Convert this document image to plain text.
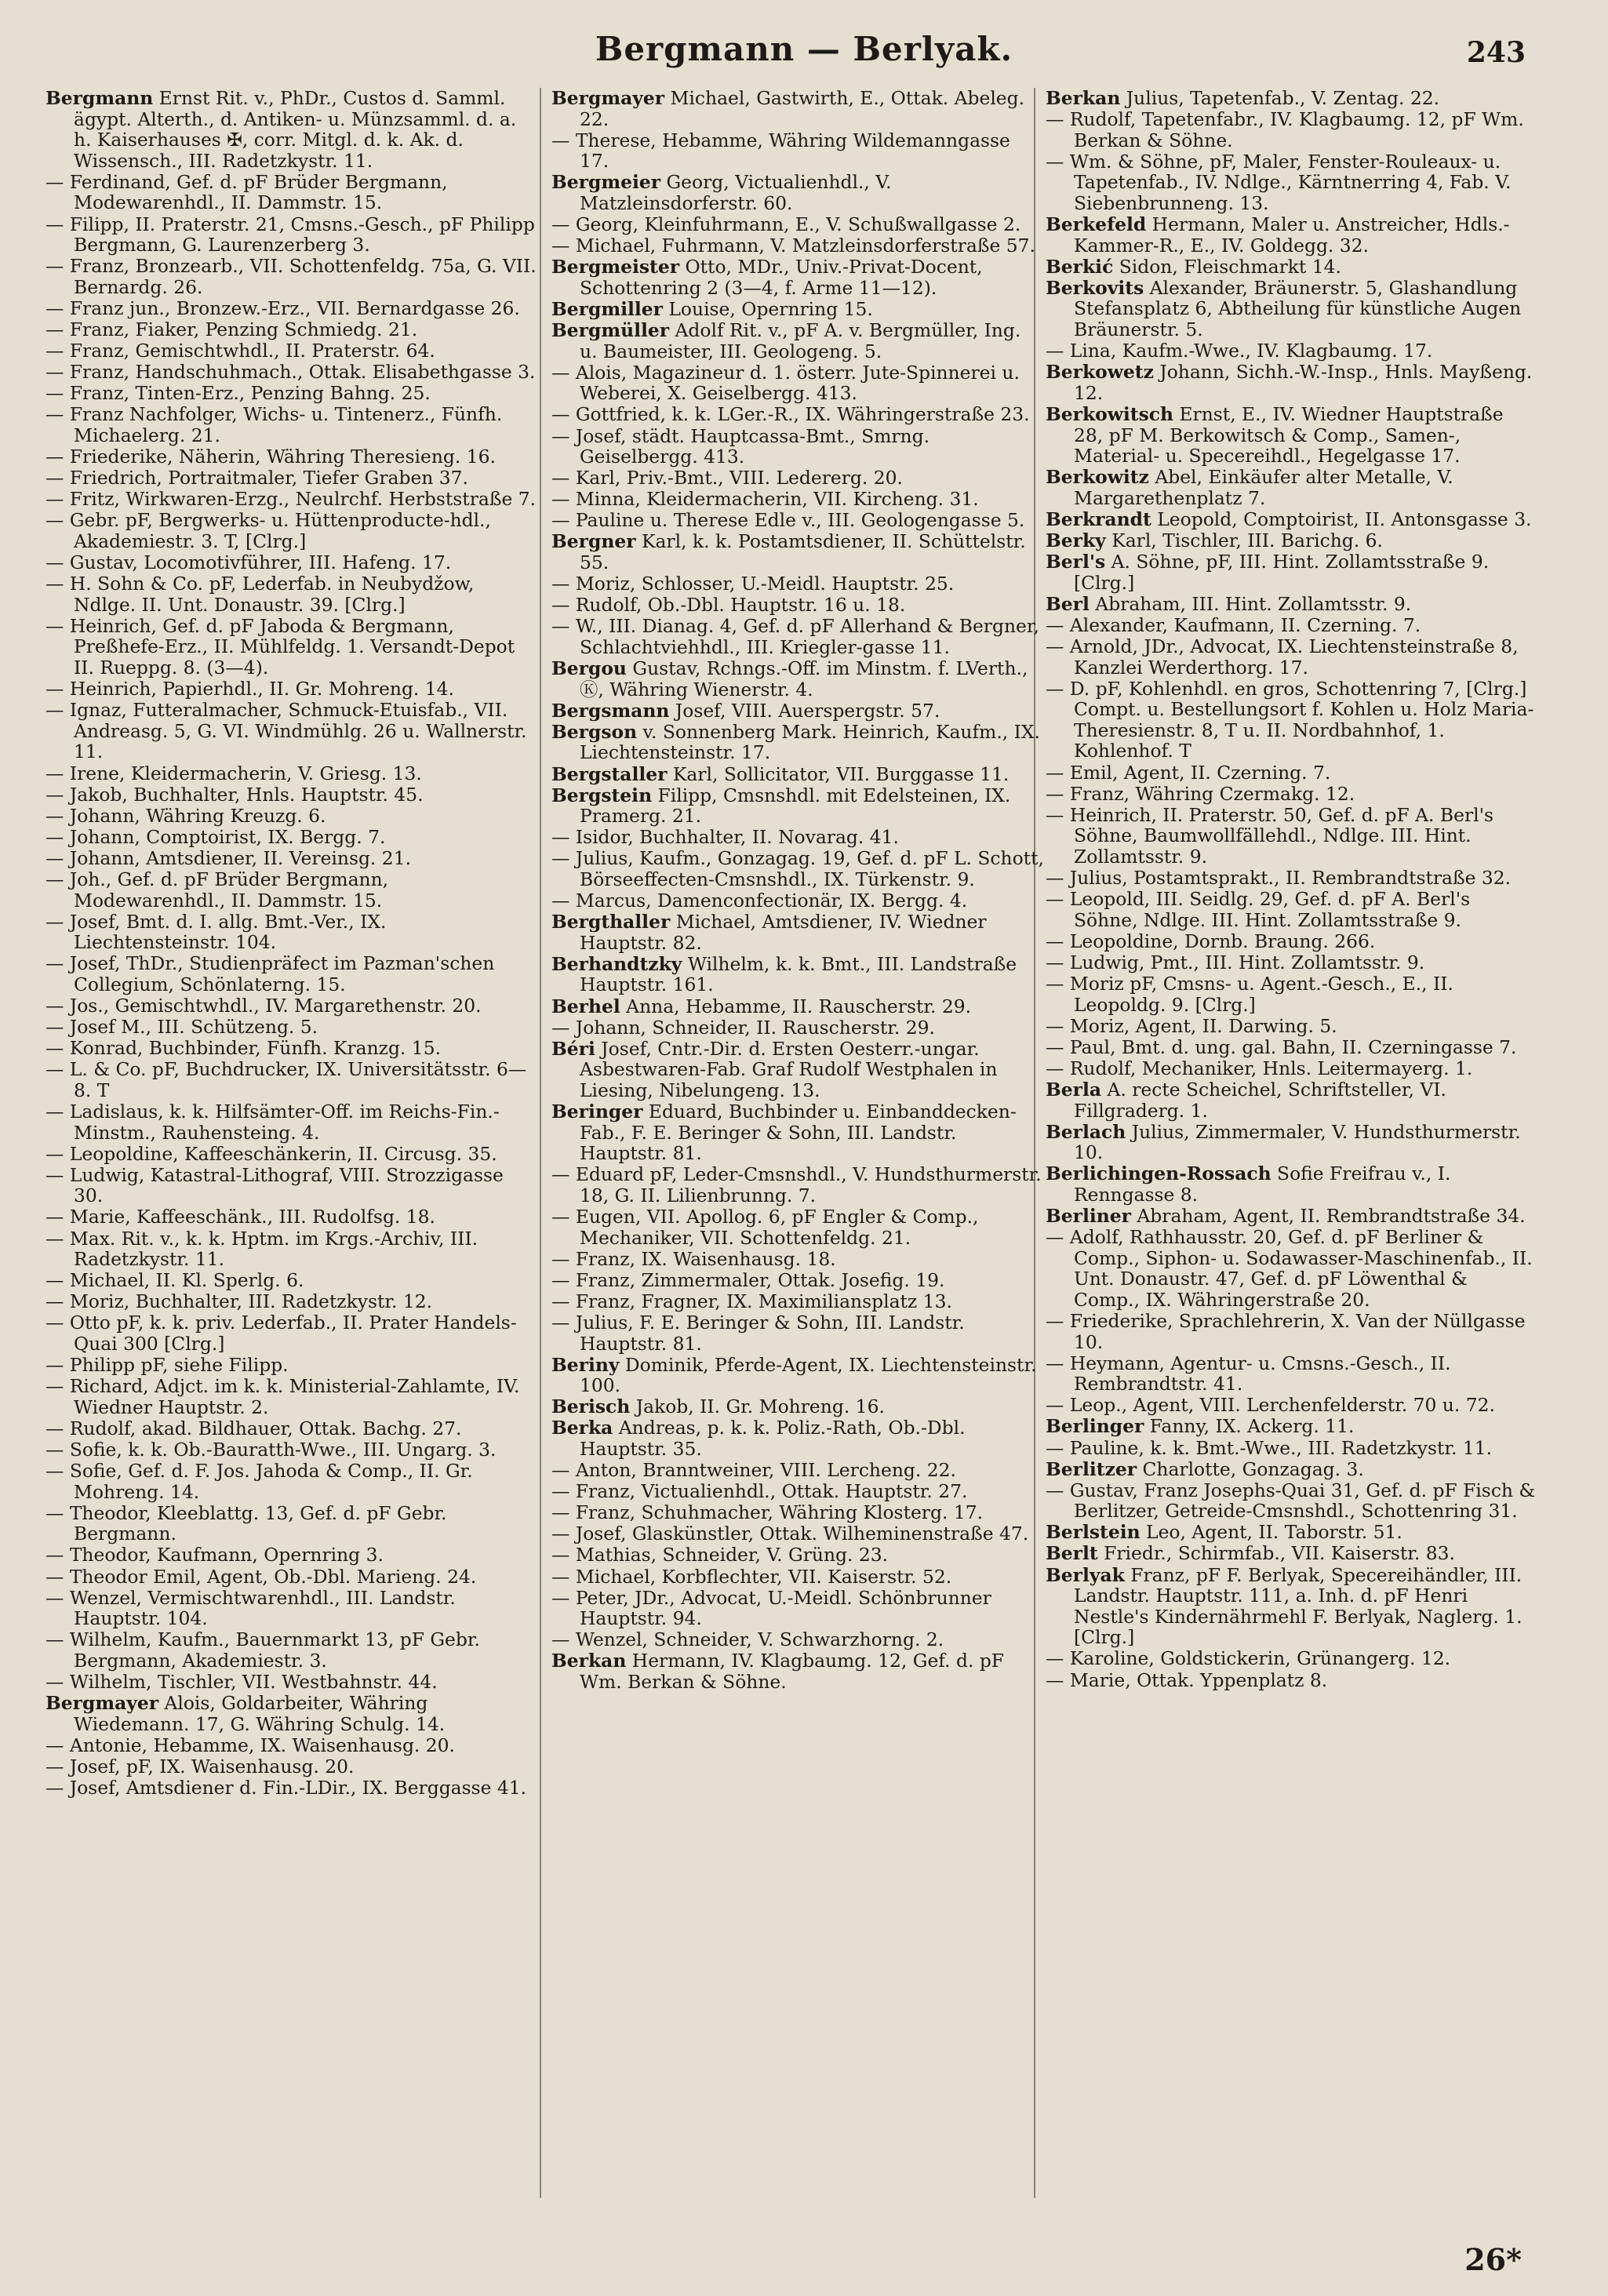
Bergmann — Berlyak.	243

Bergmann Ernst Rit. v., PhDr., Custos d. Samml. ägypt. Alterth., d. Antiken- u. Münzsamml. d. a. h. Kaiserhauses ✠, corr. Mitgl. d. k. Ak. d. Wissensch., III. Radetzkystr. 11.

— Ferdinand, Gef. d. pF Brüder Bergmann, Modewarenhdl., II. Dammstr. 15.

— Filipp, II. Praterstr. 21, Cmsns.-Gesch., pF Philipp Bergmann, G. Laurenzerberg 3.

— Franz, Bronzearb., VII. Schottenfeldg. 75a, G. VII. Bernardg. 26.

— Franz jun., Bronzew.-Erz., VII. Bernardgasse 26.

— Franz, Fiaker, Penzing Schmiedg. 21.

— Franz, Gemischtwhdl., II. Praterstr. 64.

— Franz, Handschuhmach., Ottak. Elisabethgasse 3.

— Franz, Tinten-Erz., Penzing Bahng. 25.

— Franz Nachfolger, Wichs- u. Tintenerz., Fünfh. Michaelerg. 21.

— Friederike, Näherin, Währing Theresieng. 16.

— Friedrich, Portraitmaler, Tiefer Graben 37.

— Fritz, Wirkwaren-Erzg., Neulrchf. Herbststraße 7.

— Gebr. pF, Bergwerks- u. Hüttenproducte-hdl., Akademiestr. 3. T, [Clrg.]

— Gustav, Locomotivführer, III. Hafeng. 17.

— H. Sohn & Co. pF, Lederfab. in Neubydžow, Ndlge. II. Unt. Donaustr. 39. [Clrg.]

— Heinrich, Gef. d. pF Jaboda & Bergmann, Preßhefe-Erz., II. Mühlfeldg. 1. Versandt-Depot II. Rueppg. 8. (3—4).

— Heinrich, Papierhdl., II. Gr. Mohreng. 14.

— Ignaz, Futteralmacher, Schmuck-Etuisfab., VII. Andreasg. 5, G. VI. Windmühlg. 26 u. Wallnerstr. 11.

— Irene, Kleidermacherin, V. Griesg. 13.

— Jakob, Buchhalter, Hnls. Hauptstr. 45.

— Johann, Währing Kreuzg. 6.

— Johann, Comptoirist, IX. Bergg. 7.

— Johann, Amtsdiener, II. Vereinsg. 21.

— Joh., Gef. d. pF Brüder Bergmann, Modewarenhdl., II. Dammstr. 15.

— Josef, Bmt. d. I. allg. Bmt.-Ver., IX. Liechtensteinstr. 104.

— Josef, ThDr., Studienpräfect im Pazman'schen Collegium, Schönlaterng. 15.

— Jos., Gemischtwhdl., IV. Margarethenstr. 20.

— Josef M., III. Schützeng. 5.

— Konrad, Buchbinder, Fünfh. Kranzg. 15.

— L. & Co. pF, Buchdrucker, IX. Universitätsstr. 6—8. T

— Ladislaus, k. k. Hilfsämter-Off. im Reichs-Fin.-Minstm., Rauhensteing. 4.

— Leopoldine, Kaffeeschänkerin, II. Circusg. 35.

— Ludwig, Katastral-Lithograf, VIII. Strozzigasse 30.

— Marie, Kaffeeschänk., III. Rudolfsg. 18.

— Max. Rit. v., k. k. Hptm. im Krgs.-Archiv, III. Radetzkystr. 11.

— Michael, II. Kl. Sperlg. 6.

— Moriz, Buchhalter, III. Radetzkystr. 12.

— Otto pF, k. k. priv. Lederfab., II. Prater Handels-Quai 300 [Clrg.]

— Philipp pF, siehe Filipp.

— Richard, Adjct. im k. k. Ministerial-Zahlamte, IV. Wiedner Hauptstr. 2.

— Rudolf, akad. Bildhauer, Ottak. Bachg. 27.

— Sofie, k. k. Ob.-Bauratth-Wwe., III. Ungarg. 3.

— Sofie, Gef. d. F. Jos. Jahoda & Comp., II. Gr. Mohreng. 14.

— Theodor, Kleeblattg. 13, Gef. d. pF Gebr. Bergmann.

— Theodor, Kaufmann, Opernring 3.

— Theodor Emil, Agent, Ob.-Dbl. Marieng. 24.

— Wenzel, Vermischtwarenhdl., III. Landstr. Hauptstr. 104.

— Wilhelm, Kaufm., Bauernmarkt 13, pF Gebr. Bergmann, Akademiestr. 3.

— Wilhelm, Tischler, VII. Westbahnstr. 44.

Bergmayer Alois, Goldarbeiter, Währing Wiedemann. 17, G. Währing Schulg. 14.

— Antonie, Hebamme, IX. Waisenhausg. 20.

— Josef, pF, IX. Waisenhausg. 20.

— Josef, Amtsdiener d. Fin.-LDir., IX. Berggasse 41.

Bergmayer Michael, Gastwirth, E., Ottak. Abeleg. 22.

— Therese, Hebamme, Währing Wildemanngasse 17.

Bergmeier Georg, Victualienhdl., V. Matzleinsdorferstr. 60.

— Georg, Kleinfuhrmann, E., V. Schußwallgasse 2.

— Michael, Fuhrmann, V. Matzleinsdorferstraße 57.

Bergmeister Otto, MDr., Univ.-Privat-Docent, Schottenring 2 (3—4, f. Arme 11—12).

Bergmiller Louise, Opernring 15.

Bergmüller Adolf Rit. v., pF A. v. Bergmüller, Ing. u. Baumeister, III. Geologeng. 5.

— Alois, Magazineur d. 1. österr. Jute-Spinnerei u. Weberei, X. Geiselbergg. 413.

— Gottfried, k. k. LGer.-R., IX. Währingerstraße 23.

— Josef, städt. Hauptcassa-Bmt., Smrng. Geiselbergg. 413.

— Karl, Priv.-Bmt., VIII. Ledererg. 20.

— Minna, Kleidermacherin, VII. Kircheng. 31.

— Pauline u. Therese Edle v., III. Geologengasse 5.

Bergner Karl, k. k. Postamtsdiener, II. Schüttelstr. 55.

— Moriz, Schlosser, U.-Meidl. Hauptstr. 25.

— Rudolf, Ob.-Dbl. Hauptstr. 16 u. 18.

— W., III. Dianag. 4, Gef. d. pF Allerhand & Bergner, Schlachtviehhdl., III. Kriegler-gasse 11.

Bergou Gustav, Rchngs.-Off. im Minstm. f. LVerth., Ⓚ, Währing Wienerstr. 4.

Bergsmann Josef, VIII. Auerspergstr. 57.

Bergson v. Sonnenberg Mark. Heinrich, Kaufm., IX. Liechtensteinstr. 17.

Bergstaller Karl, Sollicitator, VII. Burggasse 11.

Bergstein Filipp, Cmsnshdl. mit Edelsteinen, IX. Pramerg. 21.

— Isidor, Buchhalter, II. Novarag. 41.

— Julius, Kaufm., Gonzagag. 19, Gef. d. pF L. Schott, Börseeffecten-Cmsnshdl., IX. Türkenstr. 9.

— Marcus, Damenconfectionär, IX. Bergg. 4.

Bergthaller Michael, Amtsdiener, IV. Wiedner Hauptstr. 82.

Berhandtzky Wilhelm, k. k. Bmt., III. Landstraße Hauptstr. 161.

Berhel Anna, Hebamme, II. Rauscherstr. 29.

— Johann, Schneider, II. Rauscherstr. 29.

Béri Josef, Cntr.-Dir. d. Ersten Oesterr.-ungar. Asbestwaren-Fab. Graf Rudolf Westphalen in Liesing, Nibelungeng. 13.

Beringer Eduard, Buchbinder u. Einbanddecken-Fab., F. E. Beringer & Sohn, III. Landstr. Hauptstr. 81.

— Eduard pF, Leder-Cmsnshdl., V. Hundsthurmerstr. 18, G. II. Lilienbrunng. 7.

— Eugen, VII. Apollog. 6, pF Engler & Comp., Mechaniker, VII. Schottenfeldg. 21.

— Franz, IX. Waisenhausg. 18.

— Franz, Zimmermaler, Ottak. Josefig. 19.

— Franz, Fragner, IX. Maximiliansplatz 13.

— Julius, F. E. Beringer & Sohn, III. Landstr. Hauptstr. 81.

Beriny Dominik, Pferde-Agent, IX. Liechtensteinstr. 100.

Berisch Jakob, II. Gr. Mohreng. 16.

Berka Andreas, p. k. k. Poliz.-Rath, Ob.-Dbl. Hauptstr. 35.

— Anton, Branntweiner, VIII. Lercheng. 22.

— Franz, Victualienhdl., Ottak. Hauptstr. 27.

— Franz, Schuhmacher, Währing Klosterg. 17.

— Josef, Glaskünstler, Ottak. Wilheminenstraße 47.

— Mathias, Schneider, V. Grüng. 23.

— Michael, Korbflechter, VII. Kaiserstr. 52.

— Peter, JDr., Advocat, U.-Meidl. Schönbrunner Hauptstr. 94.

— Wenzel, Schneider, V. Schwarzhorng. 2.

Berkan Hermann, IV. Klagbaumg. 12, Gef. d. pF Wm. Berkan & Söhne.

Berkan Julius, Tapetenfab., V. Zentag. 22.

— Rudolf, Tapetenfabr., IV. Klagbaumg. 12, pF Wm. Berkan & Söhne.

— Wm. & Söhne, pF, Maler, Fenster-Rouleaux- u. Tapetenfab., IV. Ndlge., Kärntnerring 4, Fab. V. Siebenbrunneng. 13.

Berkefeld Hermann, Maler u. Anstreicher, Hdls.-Kammer-R., E., IV. Goldegg. 32.

Berkić Sidon, Fleischmarkt 14.

Berkovits Alexander, Bräunerstr. 5, Glashandlung Stefansplatz 6, Abtheilung für künstliche Augen Bräunerstr. 5.

— Lina, Kaufm.-Wwe., IV. Klagbaumg. 17.

Berkowetz Johann, Sichh.-W.-Insp., Hnls. Mayßeng. 12.

Berkowitsch Ernst, E., IV. Wiedner Hauptstraße 28, pF M. Berkowitsch & Comp., Samen-, Material- u. Specereihdl., Hegelgasse 17.

Berkowitz Abel, Einkäufer alter Metalle, V. Margarethenplatz 7.

Berkrandt Leopold, Comptoirist, II. Antonsgasse 3.

Berky Karl, Tischler, III. Barichg. 6.

Berl's A. Söhne, pF, III. Hint. Zollamtsstraße 9. [Clrg.]

Berl Abraham, III. Hint. Zollamtsstr. 9.

— Alexander, Kaufmann, II. Czerning. 7.

— Arnold, JDr., Advocat, IX. Liechtensteinstraße 8, Kanzlei Werderthorg. 17.

— D. pF, Kohlenhdl. en gros, Schottenring 7, [Clrg.] Compt. u. Bestellungsort f. Kohlen u. Holz Maria-Theresienstr. 8, T u. II. Nordbahnhof, 1. Kohlenhof. T

— Emil, Agent, II. Czerning. 7.

— Franz, Währing Czermakg. 12.

— Heinrich, II. Praterstr. 50, Gef. d. pF A. Berl's Söhne, Baumwollfällehdl., Ndlge. III. Hint. Zollamtsstr. 9.

— Julius, Postamtsprakt., II. Rembrandtstraße 32.

— Leopold, III. Seidlg. 29, Gef. d. pF A. Berl's Söhne, Ndlge. III. Hint. Zollamtsstraße 9.

— Leopoldine, Dornb. Braung. 266.

— Ludwig, Pmt., III. Hint. Zollamtsstr. 9.

— Moriz pF, Cmsns- u. Agent.-Gesch., E., II. Leopoldg. 9. [Clrg.]

— Moriz, Agent, II. Darwing. 5.

— Paul, Bmt. d. ung. gal. Bahn, II. Czerningasse 7.

— Rudolf, Mechaniker, Hnls. Leitermayerg. 1.

Berla A. recte Scheichel, Schriftsteller, VI. Fillgraderg. 1.

Berlach Julius, Zimmermaler, V. Hundsthurmerstr. 10.

Berlichingen-Rossach Sofie Freifrau v., I. Renngasse 8.

Berliner Abraham, Agent, II. Rembrandtstraße 34.

— Adolf, Rathhausstr. 20, Gef. d. pF Berliner & Comp., Siphon- u. Sodawasser-Maschinenfab., II. Unt. Donaustr. 47, Gef. d. pF Löwenthal & Comp., IX. Währingerstraße 20.

— Friederike, Sprachlehrerin, X. Van der Nüllgasse 10.

— Heymann, Agentur- u. Cmsns.-Gesch., II. Rembrandtstr. 41.

— Leop., Agent, VIII. Lerchenfelderstr. 70 u. 72.

Berlinger Fanny, IX. Ackerg. 11.

— Pauline, k. k. Bmt.-Wwe., III. Radetzkystr. 11.

Berlitzer Charlotte, Gonzagag. 3.

— Gustav, Franz Josephs-Quai 31, Gef. d. pF Fisch & Berlitzer, Getreide-Cmsnshdl., Schottenring 31.

Berlstein Leo, Agent, II. Taborstr. 51.

Berlt Friedr., Schirmfab., VII. Kaiserstr. 83.

Berlyak Franz, pF F. Berlyak, Specereihändler, III. Landstr. Hauptstr. 111, a. Inh. d. pF Henri Nestle's Kindernährmehl F. Berlyak, Naglerg. 1. [Clrg.]

— Karoline, Goldstickerin, Grünangerg. 12.

— Marie, Ottak. Yppenplatz 8.

26*
